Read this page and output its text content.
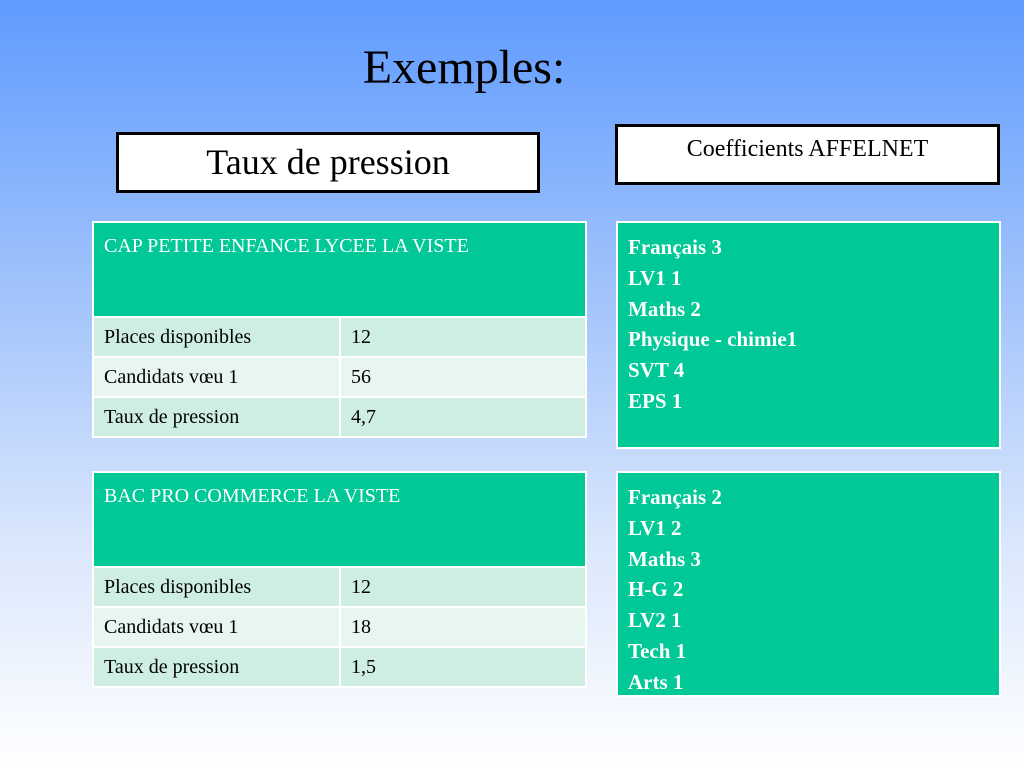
Exemples:
Taux de pression	Coefficients AFFELNET
CAP PETITE ENFANCE LYCEE LA VISTE	
Places disponibles	12
Candidats vœu 1	56
Taux de pression	4,7
BAC PRO COMMERCE LA VISTE	
Places disponibles	12
Candidats vœu 1	18
Taux de pression	1,5
Français 3
LV1 1
Maths 2
Physique - chimie1
SVT 4
EPS 1
Français 2
LV1 2
Maths 3
H-G 2
LV2 1
Tech 1
Arts 1
